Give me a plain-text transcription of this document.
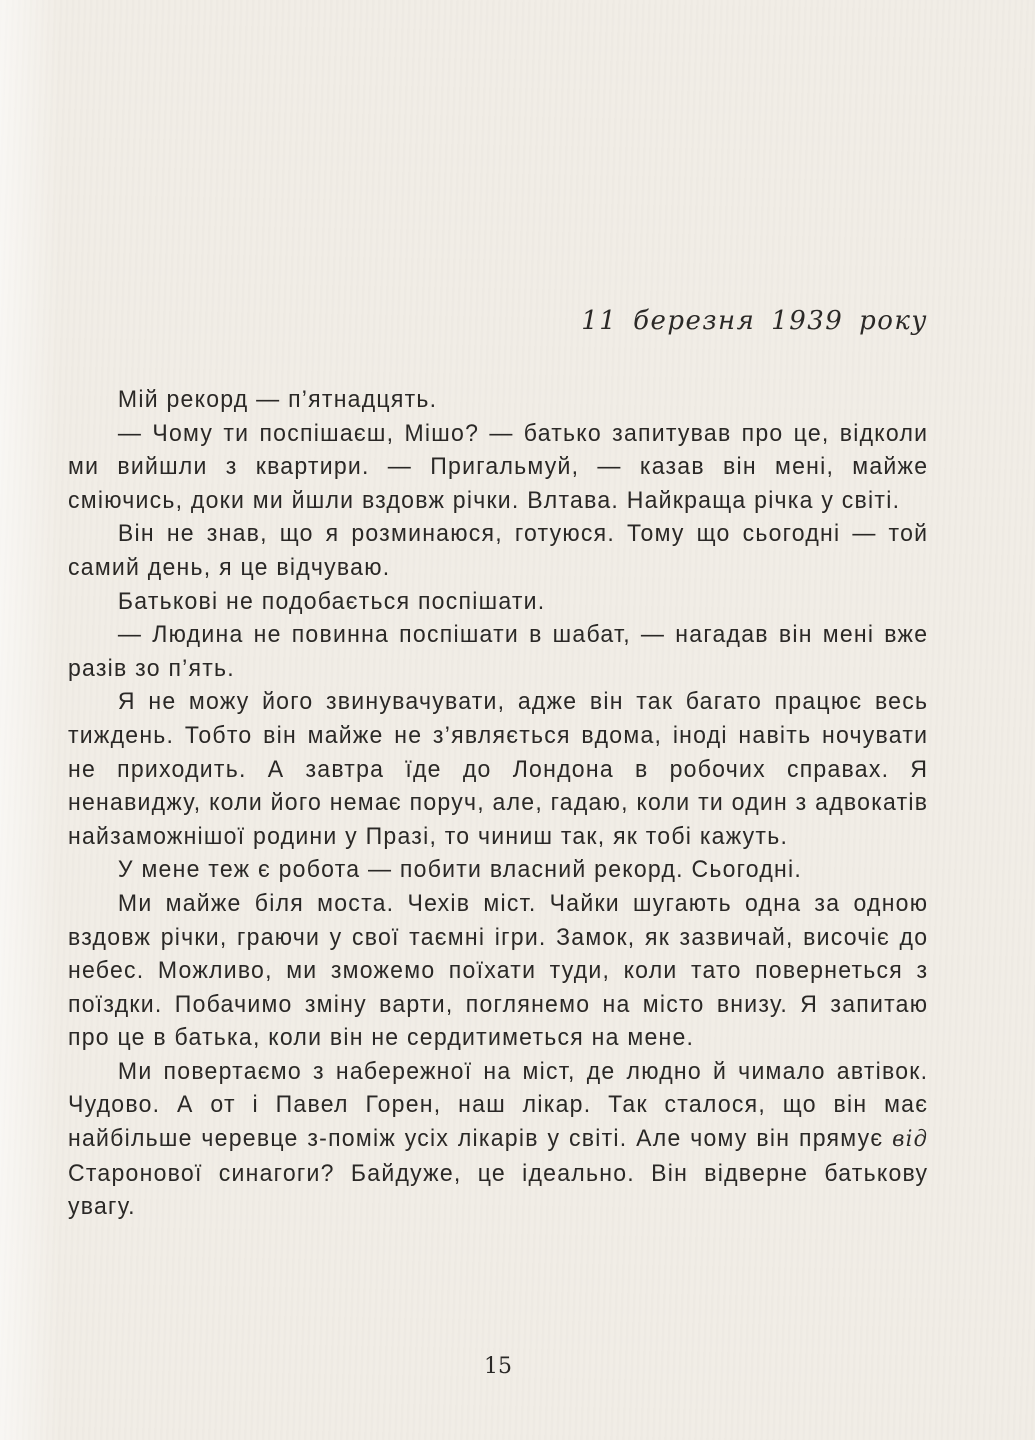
11 березня 1939 року

Мій рекорд — п’ятнадцять.

— Чому ти поспішаєш, Мішо? — батько запитував про це, відколи ми вийшли з квартири. — Пригальмуй, — казав він мені, майже сміючись, доки ми йшли вздовж річки. Влтава. Найкраща річка у світі.

Він не знав, що я розминаюся, готуюся. Тому що сьогодні — той самий день, я це відчуваю.

Батькові не подобається поспішати.

— Людина не повинна поспішати в шабат, — нагадав він мені вже разів зо п’ять.

Я не можу його звинувачувати, адже він так багато працює весь тиждень. Тобто він майже не з’являється вдома, іноді навіть ночувати не приходить. А завтра їде до Лондона в робочих справах. Я ненавиджу, коли його немає поруч, але, гадаю, коли ти один з адвокатів найзаможнішої родини у Празі, то чиниш так, як тобі кажуть.

У мене теж є робота — побити власний рекорд. Сьогодні.

Ми майже біля моста. Чехів міст. Чайки шугають одна за одною вздовж річки, граючи у свої таємні ігри. Замок, як зазвичай, височіє до небес. Можливо, ми зможемо поїхати туди, коли тато повернеться з поїздки. Побачимо зміну варти, поглянемо на місто внизу. Я запитаю про це в батька, коли він не сердитиметься на мене.

Ми повертаємо з набережної на міст, де людно й чимало автівок. Чудово. А от і Павел Горен, наш лікар. Так сталося, що він має найбільше черевце з-поміж усіх лікарів у світі. Але чому він прямує від Старонової синагоги? Байдуже, це ідеально. Він відверне батькову увагу.

15
